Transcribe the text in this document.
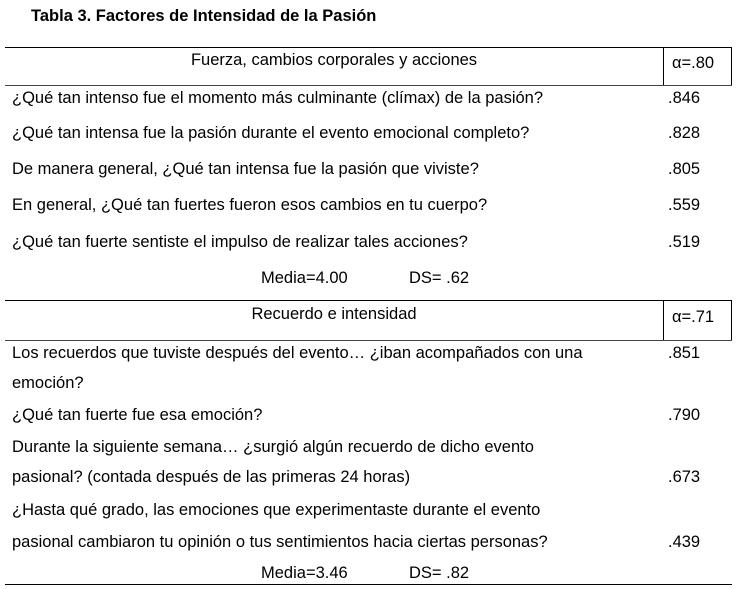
Tabla 3. Factores de Intensidad de la Pasión
Fuerza, cambios corporales y acciones	α=.80
¿Qué tan intenso fue el momento más culminante (clímax) de la pasión?	.846
¿Qué tan intensa fue la pasión durante el evento emocional completo?	.828
De manera general, ¿Qué tan intensa fue la pasión que viviste?	.805
En general, ¿Qué tan fuertes fueron esos cambios en tu cuerpo?	.559
¿Qué tan fuerte sentiste el impulso de realizar tales acciones?	.519
Media=4.00	DS= .62
Recuerdo e intensidad	α=.71
Los recuerdos que tuviste después del evento… ¿iban acompañados con una	.851
emoción?
¿Qué tan fuerte fue esa emoción?	.790
Durante la siguiente semana… ¿surgió algún recuerdo de dicho evento
pasional? (contada después de las primeras 24 horas)	.673
¿Hasta qué grado, las emociones que experimentaste durante el evento
pasional cambiaron tu opinión o tus sentimientos hacia ciertas personas?	.439
Media=3.46	DS= .82
